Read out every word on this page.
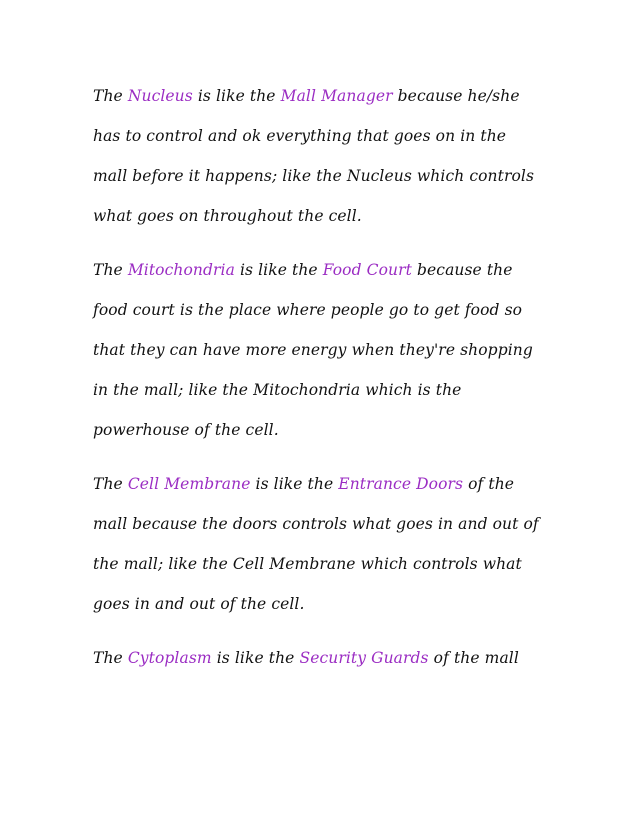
The Nucleus is like the Mall Manager because he/she
has to control and ok everything that goes on in the
mall before it happens; like the Nucleus which controls
what goes on throughout the cell.
The Mitochondria is like the Food Court because the
food court is the place where people go to get food so
that they can have more energy when they're shopping
in the mall; like the Mitochondria which is the
powerhouse of the cell.
The Cell Membrane is like the Entrance Doors of the
mall because the doors controls what goes in and out of
the mall; like the Cell Membrane which controls what
goes in and out of the cell.
The Cytoplasm is like the Security Guards of the mall
